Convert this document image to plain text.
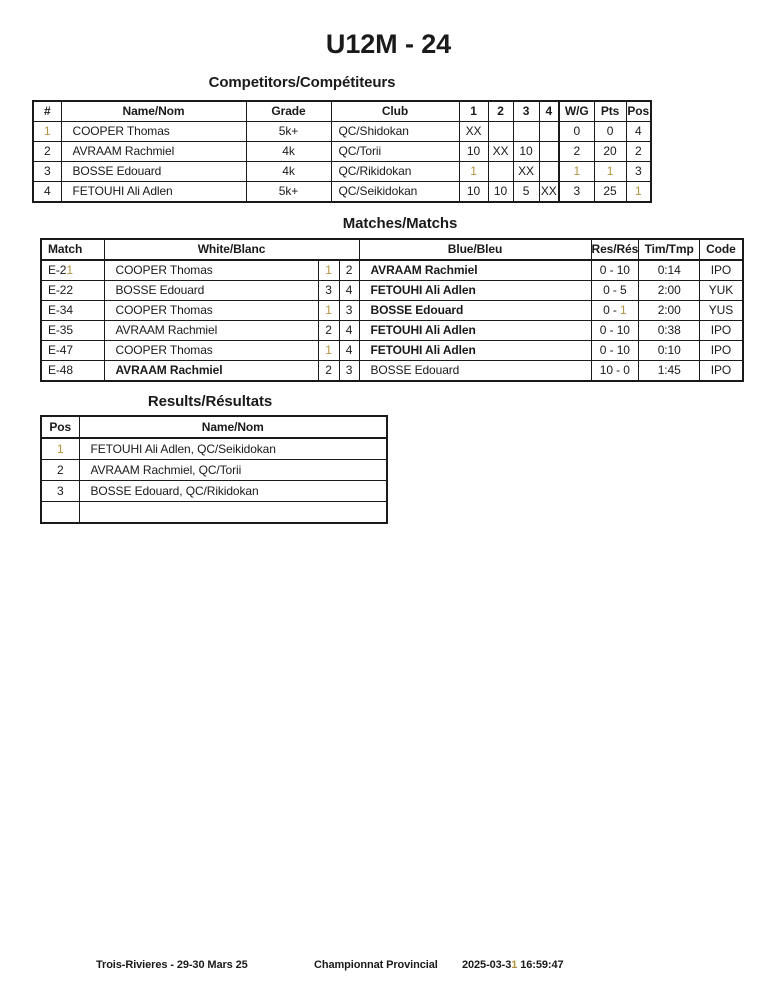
U12M - 24
Competitors/Compétiteurs
#	Name/Nom	Grade	Club	1	2	3	4	W/G	Pts	Pos
1	COOPER Thomas	5k+	QC/Shidokan	XX				0	0	4
2	AVRAAM Rachmiel	4k	QC/Torii	10	XX	10		2	20	2
3	BOSSE Edouard	4k	QC/Rikidokan	1		XX		1	1	3
4	FETOUHI Ali Adlen	5k+	QC/Seikidokan	10	10	5	XX	3	25	1
Matches/Matchs
Match	White/Blanc			Blue/Bleu	Res/Rés	Tim/Tmp	Code
E-21	COOPER Thomas	1	2	AVRAAM Rachmiel	0 - 10	0:14	IPO
E-22	BOSSE Edouard	3	4	FETOUHI Ali Adlen	0 - 5	2:00	YUK
E-34	COOPER Thomas	1	3	BOSSE Edouard	0 - 1	2:00	YUS
E-35	AVRAAM Rachmiel	2	4	FETOUHI Ali Adlen	0 - 10	0:38	IPO
E-47	COOPER Thomas	1	4	FETOUHI Ali Adlen	0 - 10	0:10	IPO
E-48	AVRAAM Rachmiel	2	3	BOSSE Edouard	10 - 0	1:45	IPO
Results/Résultats
Pos	Name/Nom
1	FETOUHI Ali Adlen, QC/Seikidokan
2	AVRAAM Rachmiel, QC/Torii
3	BOSSE Edouard, QC/Rikidokan

Trois-Rivieres - 29-30 Mars 25	Championnat Provincial 2025-03-31 16:59:47
